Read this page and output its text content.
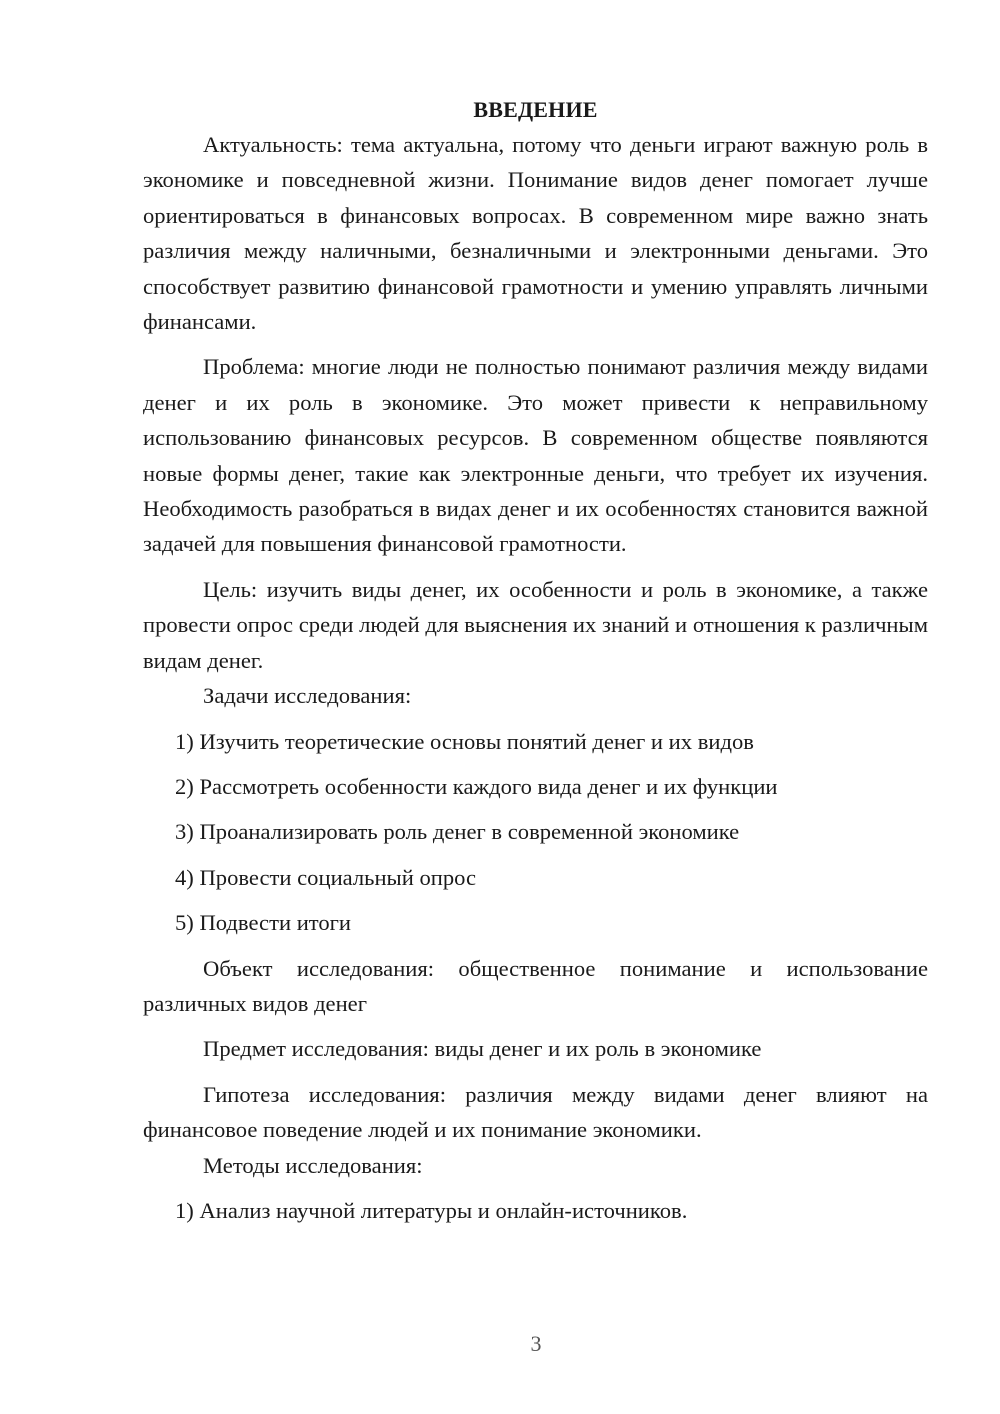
ВВЕДЕНИЕ

Актуальность: тема актуальна, потому что деньги играют важную роль в экономике и повседневной жизни. Понимание видов денег помогает лучше ориентироваться в финансовых вопросах. В современном мире важно знать различия между наличными, безналичными и электронными деньгами. Это способствует развитию финансовой грамотности и умению управлять личными финансами.

Проблема: многие люди не полностью понимают различия между видами денег и их роль в экономике. Это может привести к неправильному использованию финансовых ресурсов. В современном обществе появляются новые формы денег, такие как электронные деньги, что требует их изучения. Необходимость разобраться в видах денег и их особенностях становится важной задачей для повышения финансовой грамотности.

Цель: изучить виды денег, их особенности и роль в экономике, а также провести опрос среди людей для выяснения их знаний и отношения к различным видам денег.

Задачи исследования:

1) Изучить теоретические основы понятий денег и их видов
2) Рассмотреть особенности каждого вида денег и их функции
3) Проанализировать роль денег в современной экономике
4) Провести социальный опрос
5) Подвести итоги

Объект исследования: общественное понимание и использование различных видов денег

Предмет исследования: виды денег и их роль в экономике

Гипотеза исследования: различия между видами денег влияют на финансовое поведение людей и их понимание экономики.

Методы исследования:

1) Анализ научной литературы и онлайн-источников.
3
